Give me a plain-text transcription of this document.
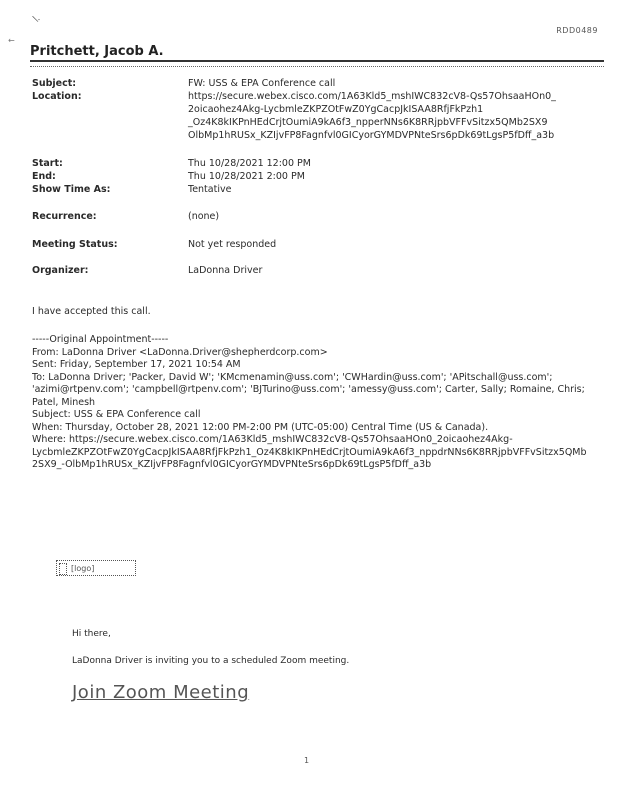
\.
←
RDD0489
Pritchett, Jacob A.
Subject:	FW: USS & EPA Conference call
Location:	https://secure.webex.cisco.com/1A63Kld5_mshIWC832cV8-Qs57OhsaaHOn0_
2oicaohez4Akg-LycbmleZKPZOtFwZ0YgCacpJkISAA8RfjFkPzh1
_Oz4K8kIKPnHEdCrjtOumiA9kA6f3_npperNNs6K8RRjpbVFFvSitzx5QMb2SX9
OlbMp1hRUSx_KZIjvFP8Fagnfvl0GICyorGYMDVPNteSrs6pDk69tLgsP5fDff_a3b
Start:	Thu 10/28/2021 12:00 PM
End:	Thu 10/28/2021 2:00 PM
Show Time As:	Tentative
Recurrence:	(none)
Meeting Status:	Not yet responded
Organizer:	LaDonna Driver
I have accepted this call.
-----Original Appointment-----
From: LaDonna Driver <LaDonna.Driver@shepherdcorp.com>
Sent: Friday, September 17, 2021 10:54 AM
To: LaDonna Driver; 'Packer, David W'; 'KMcmenamin@uss.com'; 'CWHardin@uss.com'; 'APitschall@uss.com';
'azimi@rtpenv.com'; 'campbell@rtpenv.com'; 'BJTurino@uss.com'; 'amessy@uss.com'; Carter, Sally; Romaine, Chris;
Patel, Minesh
Subject: USS & EPA Conference call
When: Thursday, October 28, 2021 12:00 PM-2:00 PM (UTC-05:00) Central Time (US & Canada).
Where: https://secure.webex.cisco.com/1A63Kld5_mshIWC832cV8-Qs57OhsaaHOn0_2oicaohez4Akg-
LycbmleZKPZOtFwZ0YgCacpJkISAA8RfjFkPzh1_Oz4K8kIKPnHEdCrjtOumiA9kA6f3_nppdrNNs6K8RRjpbVFFvSitzx5QMb
2SX9_-OlbMp1hRUSx_KZIjvFP8Fagnfvl0GICyorGYMDVPNteSrs6pDk69tLgsP5fDff_a3b
[logo]
Hi there,
LaDonna Driver is inviting you to a scheduled Zoom meeting.
Join Zoom Meeting
1
